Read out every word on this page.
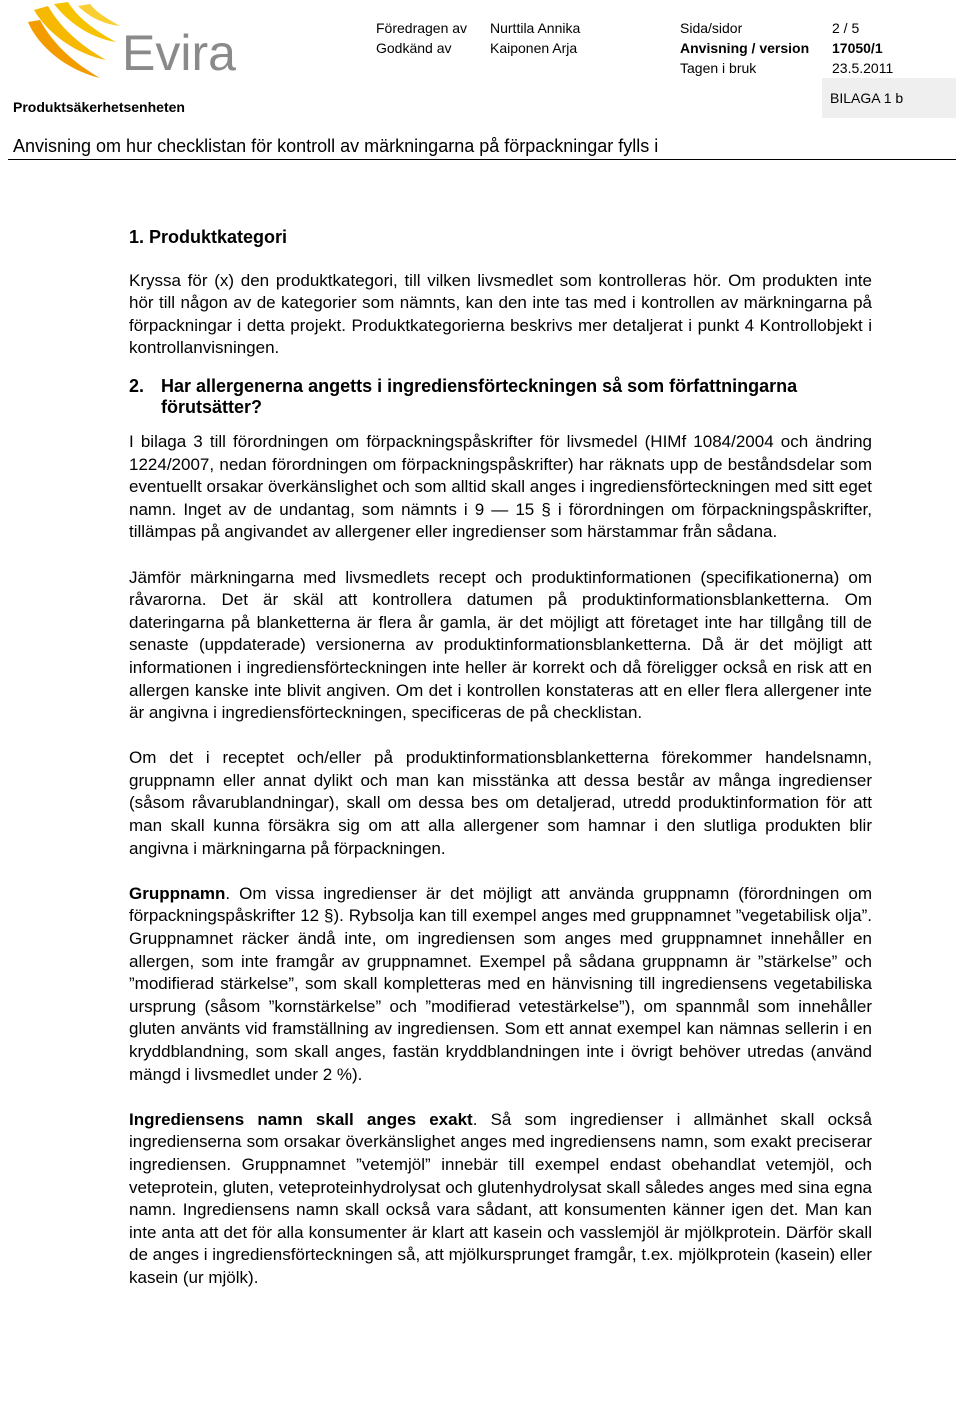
Evira	Föredragen av Nurttila Annika	Sida/sidor	2 / 5
Godkänd av	Kaiponen Arja	Anvisning / version 17050/1
Tagen i bruk	23.5.2011
BILAGA 1 b
Produktsäkerhetsenheten
Anvisning om hur checklistan för kontroll av märkningarna på förpackningar fylls i

1. Produktkategori

Kryssa för (x) den produktkategori, till vilken livsmedlet som kontrolleras hör. Om produkten inte hör till någon av de kategorier som nämnts, kan den inte tas med i kontrollen av märkningarna på förpackningar i detta projekt. Produktkategorierna beskrivs mer detaljerat i punkt 4 Kontrollobjekt i kontrollanvisningen.

2. Har allergenerna angetts i ingrediensförteckningen så som författningarna förutsätter?

I bilaga 3 till förordningen om förpackningspåskrifter för livsmedel (HIMf 1084/2004 och ändring 1224/2007, nedan förordningen om förpackningspåskrifter) har räknats upp de beståndsdelar som eventuellt orsakar överkänslighet och som alltid skall anges i ingrediensförteckningen med sitt eget namn. Inget av de undantag, som nämnts i 9 — 15 § i förordningen om förpackningspåskrifter, tillämpas på angivandet av allergener eller ingredienser som härstammar från sådana.

Jämför märkningarna med livsmedlets recept och produktinformationen (specifikationerna) om råvarorna. Det är skäl att kontrollera datumen på produktinformationsblanketterna. Om dateringarna på blanketterna är flera år gamla, är det möjligt att företaget inte har tillgång till de senaste (uppdaterade) versionerna av produktinformationsblanketterna. Då är det möjligt att informationen i ingrediensförteckningen inte heller är korrekt och då föreligger också en risk att en allergen kanske inte blivit angiven. Om det i kontrollen konstateras att en eller flera allergener inte är angivna i ingrediensförteckningen, specificeras de på checklistan.

Om det i receptet och/eller på produktinformationsblanketterna förekommer handelsnamn, gruppnamn eller annat dylikt och man kan misstänka att dessa består av många ingredienser (såsom råvarublandningar), skall om dessa bes om detaljerad, utredd produktinformation för att man skall kunna försäkra sig om att alla allergener som hamnar i den slutliga produkten blir angivna i märkningarna på förpackningen.

Gruppnamn. Om vissa ingredienser är det möjligt att använda gruppnamn (förordningen om förpackningspåskrifter 12 §). Rybsolja kan till exempel anges med gruppnamnet ”vegetabilisk olja”. Gruppnamnet räcker ändå inte, om ingrediensen som anges med gruppnamnet innehåller en allergen, som inte framgår av gruppnamnet. Exempel på sådana gruppnamn är ”stärkelse” och ”modifierad stärkelse”, som skall kompletteras med en hänvisning till ingrediensens vegetabiliska ursprung (såsom ”kornstärkelse” och ”modifierad vetestärkelse”), om spannmål som innehåller gluten använts vid framställning av ingrediensen. Som ett annat exempel kan nämnas sellerin i en kryddblandning, som skall anges, fastän kryddblandningen inte i övrigt behöver utredas (använd mängd i livsmedlet under 2 %).

Ingrediensens namn skall anges exakt. Så som ingredienser i allmänhet skall också ingredienserna som orsakar överkänslighet anges med ingrediensens namn, som exakt preciserar ingrediensen. Gruppnamnet ”vetemjöl” innebär till exempel endast obehandlat vetemjöl, och veteprotein, gluten, veteproteinhydrolysat och glutenhydrolysat skall således anges med sina egna namn. Ingrediensens namn skall också vara sådant, att konsumenten känner igen det. Man kan inte anta att det för alla konsumenter är klart att kasein och vasslemjöl är mjölkprotein. Därför skall de anges i ingrediensförteckningen så, att mjölkursprunget framgår, t.ex. mjölkprotein (kasein) eller kasein (ur mjölk).
